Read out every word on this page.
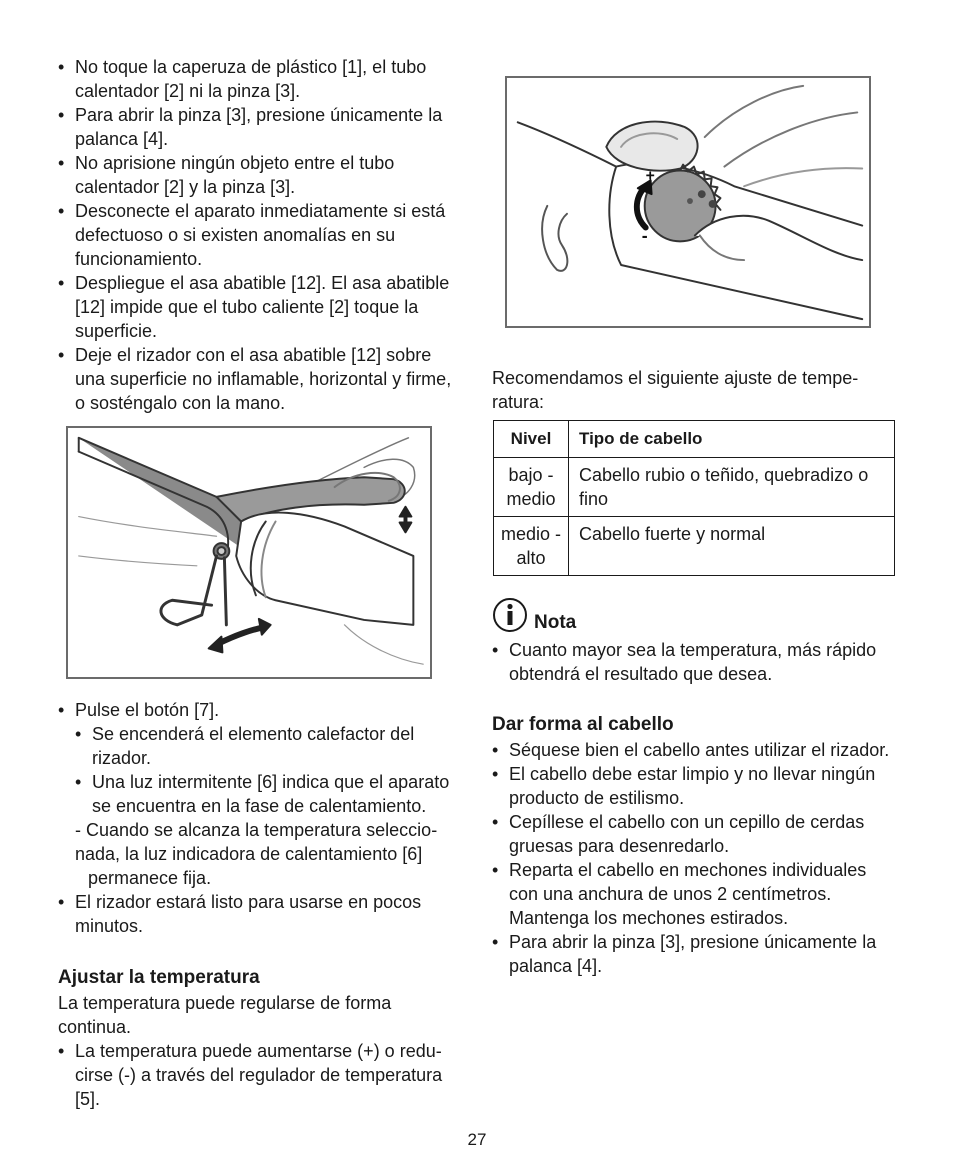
• No toque la caperuza de plástico [1], el tubo calentador [2] ni la pinza [3].
• Para abrir la pinza [3], presione únicamente la palanca [4].
• No aprisione ningún objeto entre el tubo calentador [2] y la pinza [3].
• Desconecte el aparato inmediatamente si está defectuoso o si existen anomalías en su funcionamiento.
• Despliegue el asa abatible [12]. El asa abatible [12] impide que el tubo caliente [2] toque la superficie.
• Deje el rizador con el asa abatible [12] sobre una superficie no inflamable, horizontal y firme, o sosténgalo con la mano.
• Pulse el botón [7].
• Se encenderá el elemento calefactor del rizador.
• Una luz intermitente [6] indica que el aparato se encuentra en la fase de calentamiento.
- Cuando se alcanza la temperatura seleccio-
nada, la luz indicadora de calentamiento [6]
permanece fija.
• El rizador estará listo para usarse en pocos minutos.
Ajustar la temperatura

La temperatura puede regularse de forma continua.

• La temperatura puede aumentarse (+) o redu- cirse (-) a través del regulador de temperatura [5].
+
-

Recomendamos el siguiente ajuste de tempe- ratura:

Nivel	Tipo de cabello
bajo - medio	Cabello rubio o teñido, quebradizo o fino
medio - alto	Cabello fuerte y normal
Nota
• Cuanto mayor sea la temperatura, más rápido obtendrá el resultado que desea.
Dar forma al cabello
• Séquese bien el cabello antes utilizar el rizador.
• El cabello debe estar limpio y no llevar ningún producto de estilismo.
• Cepíllese el cabello con un cepillo de cerdas gruesas para desenredarlo.
• Reparta el cabello en mechones individuales con una anchura de unos 2 centímetros. Mantenga los mechones estirados.
• Para abrir la pinza [3], presione únicamente la palanca [4].
27
